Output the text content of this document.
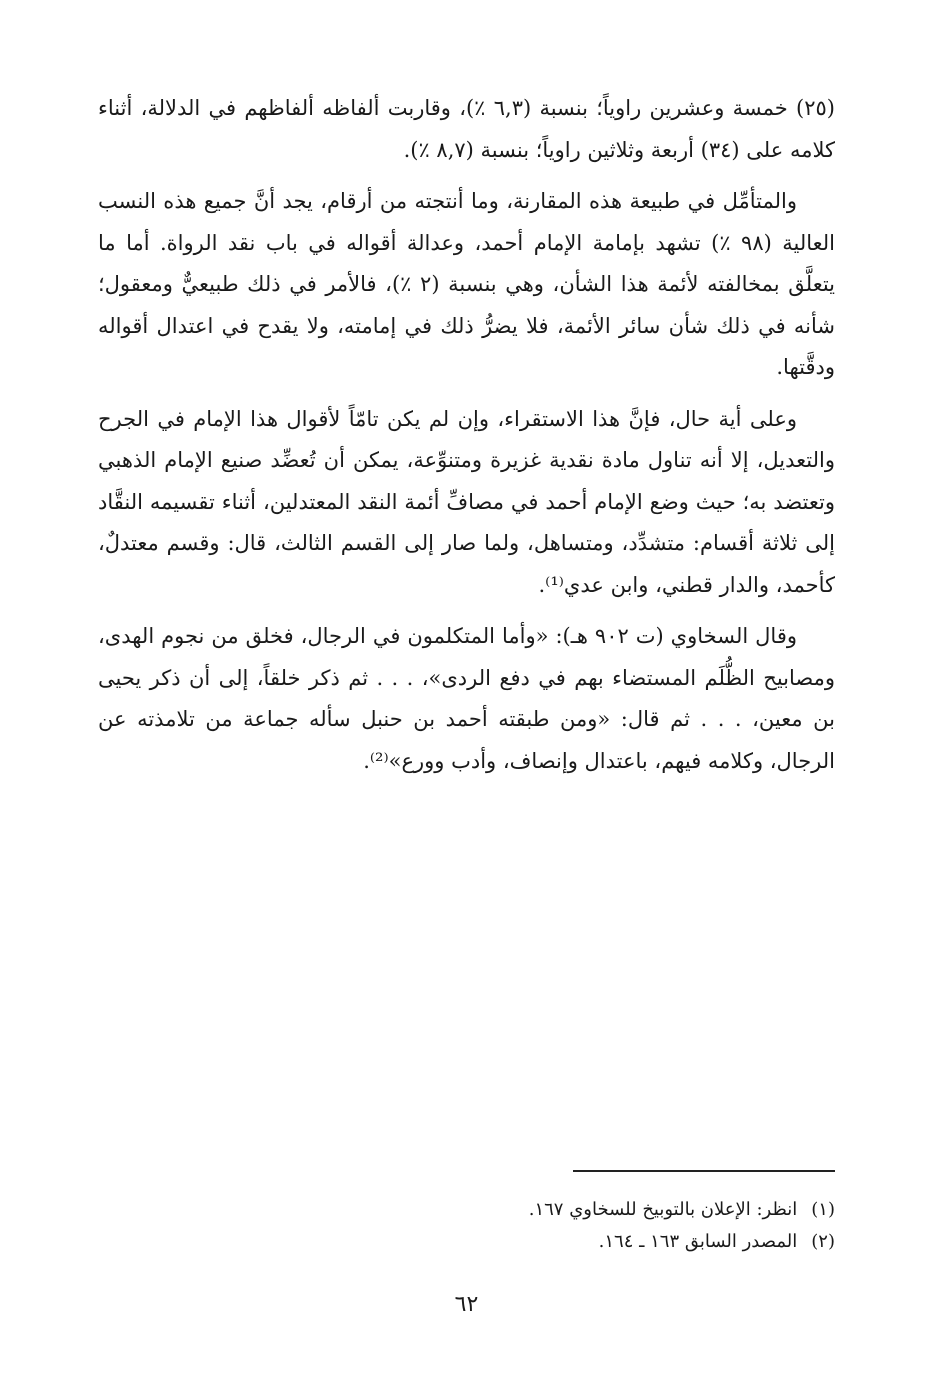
(٢٥) خمسة وعشرين راوياً؛ بنسبة (٦,٣ ٪)، وقاربت ألفاظه ألفاظهم في الدلالة، أثناء كلامه على (٣٤) أربعة وثلاثين راوياً؛ بنسبة (٨,٧ ٪).

والمتأمِّل في طبيعة هذه المقارنة، وما أنتجته من أرقام، يجد أنَّ جميع هذه النسب العالية (٩٨ ٪) تشهد بإمامة الإمام أحمد، وعدالة أقواله في باب نقد الرواة. أما ما يتعلَّق بمخالفته لأئمة هذا الشأن، وهي بنسبة (٢ ٪)، فالأمر في ذلك طبيعيٌّ ومعقول؛ شأنه في ذلك شأن سائر الأئمة، فلا يضرُّ ذلك في إمامته، ولا يقدح في اعتدال أقواله ودقَّتها.

وعلى أية حال، فإنَّ هذا الاستقراء، وإن لم يكن تامّاً لأقوال هذا الإمام في الجرح والتعديل، إلا أنه تناول مادة نقدية غزيرة ومتنوِّعة، يمكن أن تُعضِّد صنيع الإمام الذهبي وتعتضد به؛ حيث وضع الإمام أحمد في مصافِّ أئمة النقد المعتدلين، أثناء تقسيمه النقَّاد إلى ثلاثة أقسام: متشدِّد، ومتساهل، ولما صار إلى القسم الثالث، قال: وقسم معتدلٌ، كأحمد، والدار قطني، وابن عدي⁽¹⁾.

وقال السخاوي (ت ٩٠٢ هـ): «وأما المتكلمون في الرجال، فخلق من نجوم الهدى، ومصابيح الظُّلَم المستضاء بهم في دفع الردى»، . . . ثم ذكر خلقاً، إلى أن ذكر يحيى بن معين، . . . ثم قال: «ومن طبقته أحمد بن حنبل سأله جماعة من تلامذته عن الرجال، وكلامه فيهم، باعتدال وإنصاف، وأدب وورع»⁽²⁾.

(١)انظر: الإعلان بالتوبيخ للسخاوي ١٦٧.

(٢)المصدر السابق ١٦٣ ـ ١٦٤.

٦٢
